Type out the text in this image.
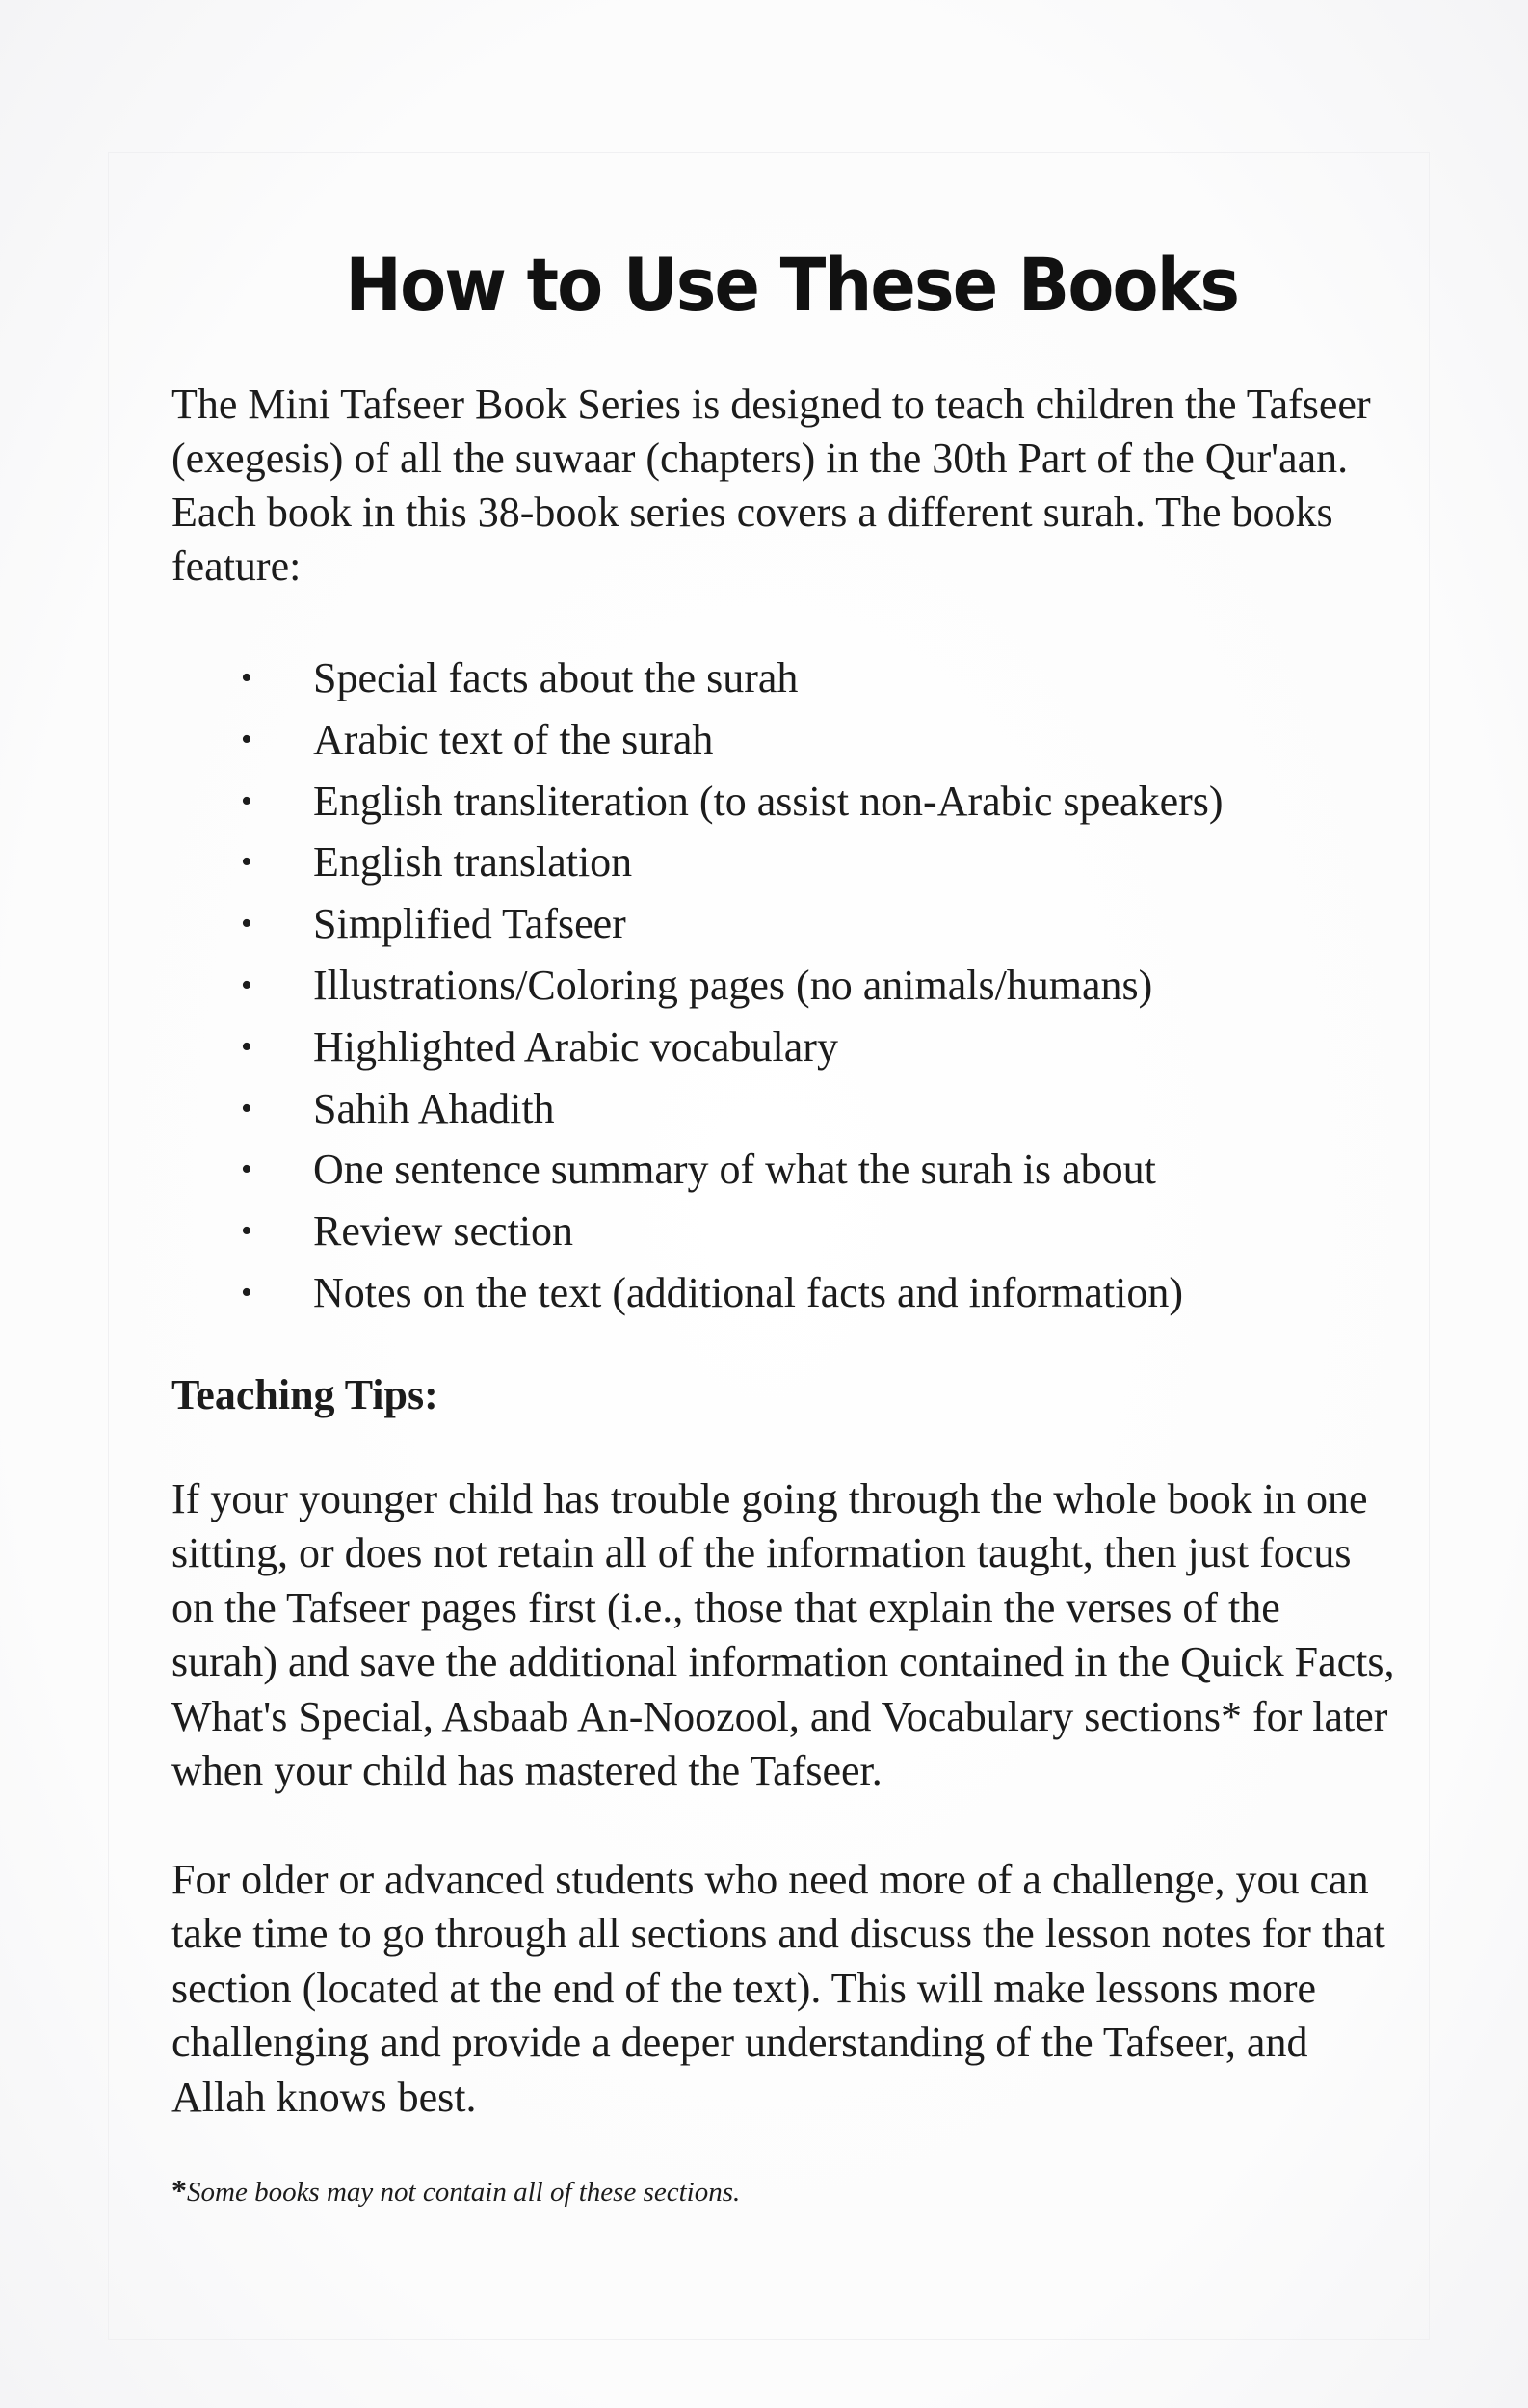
How to Use These Books

The Mini Tafseer Book Series is designed to teach children the Tafseer (exegesis) of all the suwaar (chapters) in the 30th Part of the Qur'aan. Each book in this 38-book series covers a different surah. The books feature:

• Special facts about the surah
• Arabic text of the surah
• English transliteration (to assist non-Arabic speakers)
• English translation
• Simplified Tafseer
• Illustrations/Coloring pages (no animals/humans)
• Highlighted Arabic vocabulary
• Sahih Ahadith
• One sentence summary of what the surah is about
• Review section
• Notes on the text (additional facts and information)
Teaching Tips:

If your younger child has trouble going through the whole book in one sitting, or does not retain all of the information taught, then just focus on the Tafseer pages first (i.e., those that explain the verses of the surah) and save the additional information contained in the Quick Facts, What's Special, Asbaab An-Noozool, and Vocabulary sections* for later when your child has mastered the Tafseer.

For older or advanced students who need more of a challenge, you can take time to go through all sections and discuss the lesson notes for that section (located at the end of the text). This will make lessons more challenging and provide a deeper understanding of the Tafseer, and Allah knows best.

*Some books may not contain all of these sections.
